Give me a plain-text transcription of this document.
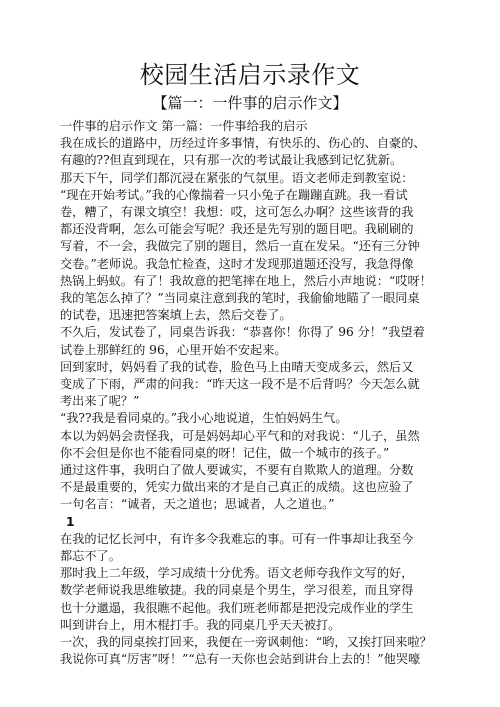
校园生活启示录作文
【篇一：一件事的启示作文】

一件事的启示作文 第一篇：一件事给我的启示

我在成长的道路中，历经过许多事情，有快乐的、伤心的、自豪的、

有趣的??但直到现在，只有那一次的考试最让我感到记忆犹新。

那天下午，同学们都沉浸在紧张的气氛里。语文老师走到教室说：

“现在开始考试。”我的心像揣着一只小兔子在蹦蹦直跳。我一看试

卷，糟了，有课文填空！我想：哎，这可怎么办啊？这些该背的我

都还没背啊，怎么可能会写呢？我还是先写别的题目吧。我刷刷的

写着，不一会，我做完了别的题目，然后一直在发呆。“还有三分钟

交卷。”老师说。我急忙检查，这时才发现那道题还没写，我急得像

热锅上蚂蚁。有了！我故意的把笔摔在地上，然后小声地说：“哎呀！

我的笔怎么掉了？”当同桌注意到我的笔时，我偷偷地瞄了一眼同桌

的试卷，迅速把答案填上去，然后交卷了。

不久后，发试卷了，同桌告诉我：“恭喜你！你得了 96 分！”我望着

试卷上那鲜红的 96，心里开始不安起来。

回到家时，妈妈看了我的试卷，脸色马上由晴天变成多云，然后又

变成了下雨，严肃的问我：“昨天这一段不是不后背吗？今天怎么就

考出来了呢？”

“我??我是看同桌的。”我小心地说道，生怕妈妈生气。

本以为妈妈会责怪我，可是妈妈却心平气和的对我说：“儿子，虽然

你不会但是你也不能看同桌的呀！记住，做一个城市的孩子。”

通过这件事，我明白了做人要诚实，不要有自欺欺人的道理。分数

不是最重要的，凭实力做出来的才是自己真正的成绩。这也应验了

一句名言：“诚者，天之道也；思诚者，人之道也。”

1

在我的记忆长河中，有许多令我难忘的事。可有一件事却让我至今

都忘不了。

那时我上二年级，学习成绩十分优秀。语文老师夸我作文写的好，

数学老师说我思维敏捷。我的同桌是个男生，学习很差，而且穿得

也十分邋遢，我很瞧不起他。我们班老师都是把没完成作业的学生

叫到讲台上，用木棍打手。我的同桌几乎天天被打。

一次，我的同桌挨打回来，我便在一旁讽刺他：“哟，又挨打回来啦？

我说你可真“厉害”呀！”“总有一天你也会站到讲台上去的！”他哭嚎
